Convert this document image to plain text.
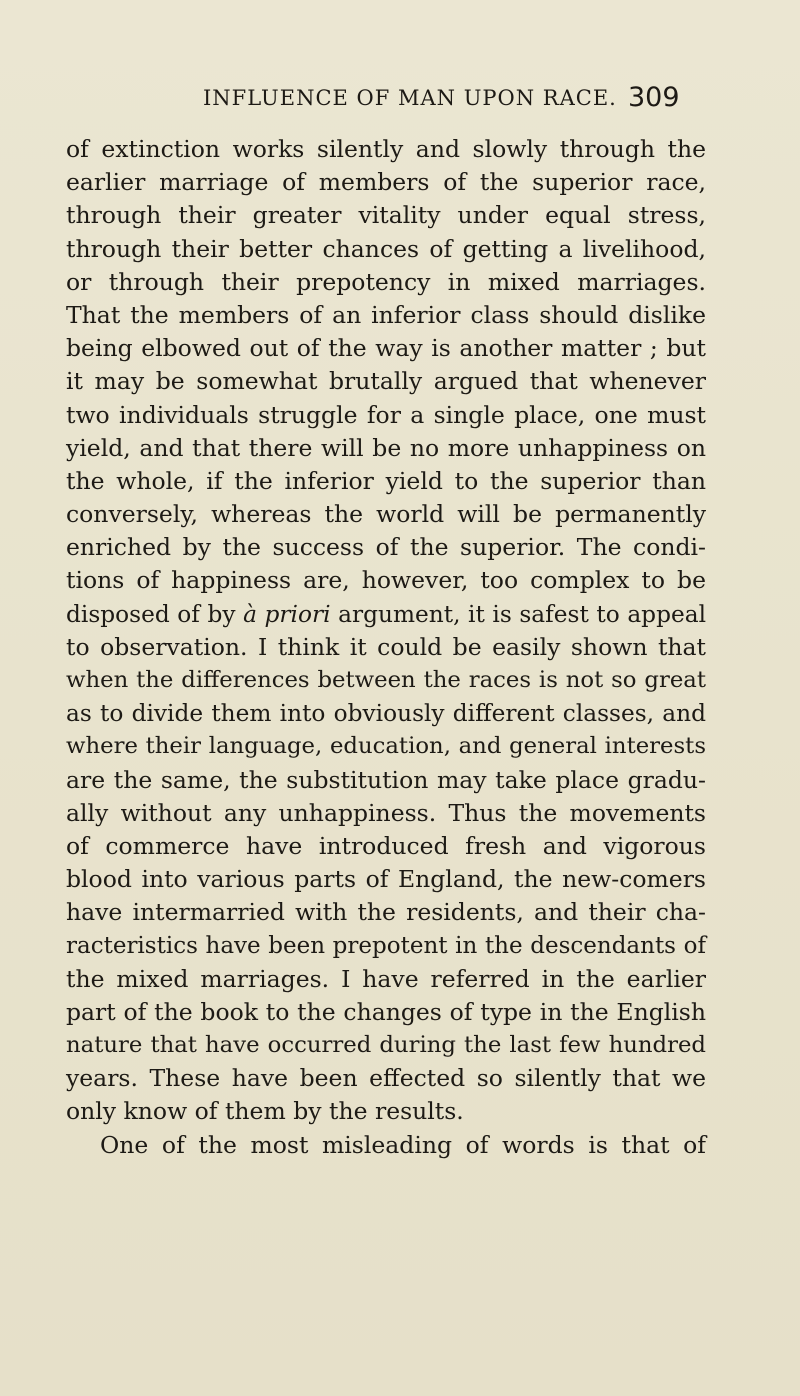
INFLUENCE OF MAN UPON RACE. 309
of extinction works silently and slowly through the
earlier marriage of members of the superior race,
through their greater vitality under equal stress,
through their better chances of getting a livelihood,
or through their prepotency in mixed marriages.
That the members of an inferior class should dislike
being elbowed out of the way is another matter ; but
it may be somewhat brutally argued that whenever
two individuals struggle for a single place, one must
yield, and that there will be no more unhappiness on
the whole, if the inferior yield to the superior than
conversely, whereas the world will be permanently
enriched by the success of the superior. The condi-
tions of happiness are, however, too complex to be
disposed of by à priori argument, it is safest to appeal
to observation. I think it could be easily shown that
when the differences between the races is not so great
as to divide them into obviously different classes, and
where their language, education, and general interests
are the same, the substitution may take place gradu-
ally without any unhappiness. Thus the movements
of commerce have introduced fresh and vigorous
blood into various parts of England, the new-comers
have intermarried with the residents, and their cha-
racteristics have been prepotent in the descendants of
the mixed marriages. I have referred in the earlier
part of the book to the changes of type in the English
nature that have occurred during the last few hundred
years. These have been effected so silently that we
only know of them by the results.
One of the most misleading of words is that of
